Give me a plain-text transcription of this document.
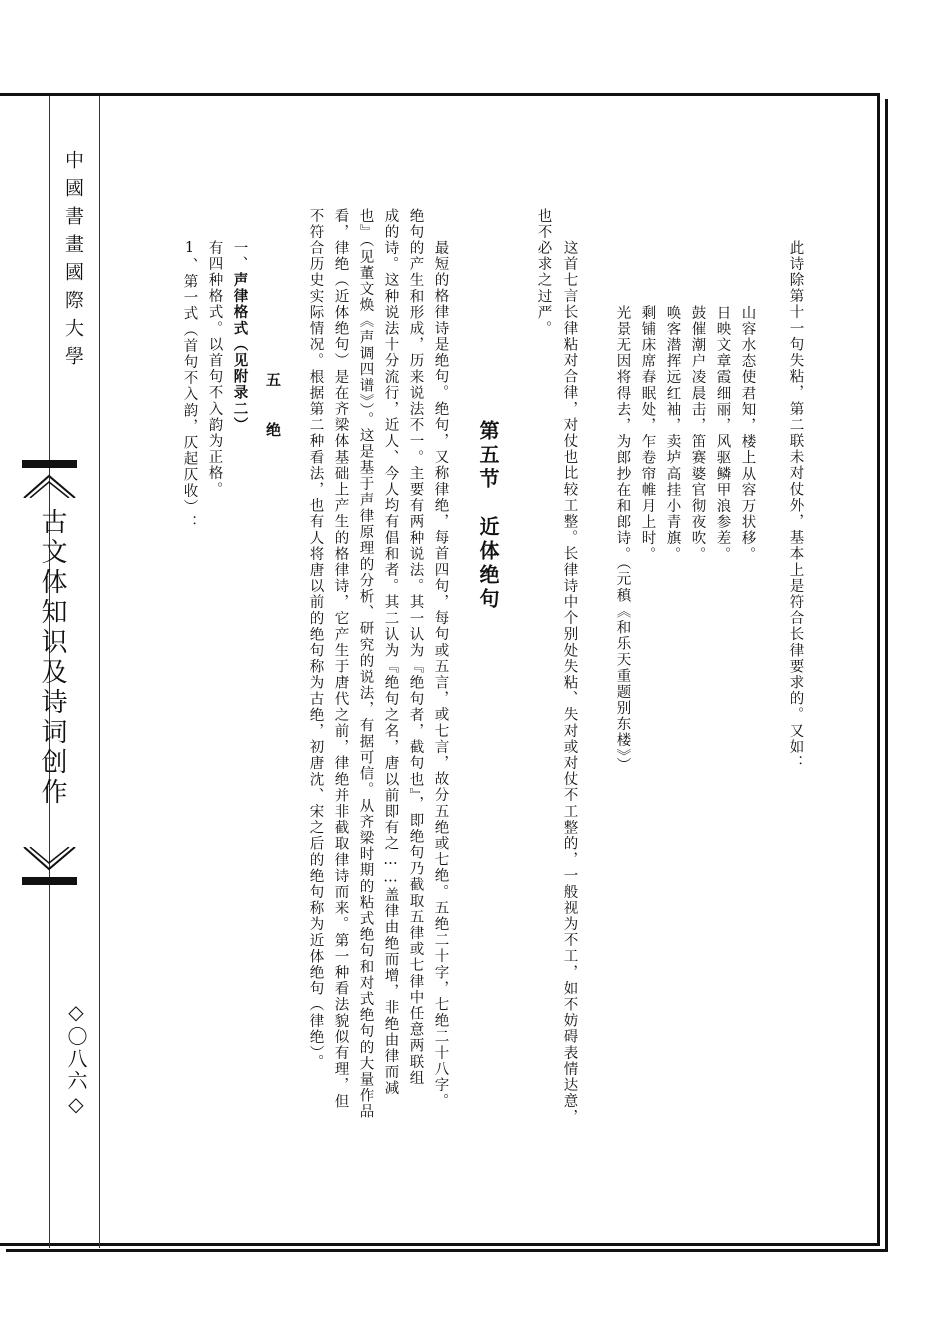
中國書畫國際大學
古文体知识及诗词创作
◇〇八六◇
此诗除第十一句失粘，第二联未对仗外，基本上是符合长律要求的。又如：
山容水态使君知，楼上从容万状移。
日映文章霞细丽，风驱鳞甲浪参差。
鼓催潮户凌晨击，笛赛婆官彻夜吹。
唤客潜挥远红袖，卖垆高挂小青旗。
剩铺床席春眠处，乍卷帘帷月上时。
光景无因将得去，为郎抄在和郎诗。（元稹《和乐天重题别东楼》）
这首七言长律粘对合律，对仗也比较工整。长律诗中个别处失粘、失对或对仗不工整的，一般视为不工，如不妨碍表情达意，
也不必求之过严。
第五节　近体绝句
最短的格律诗是绝句。绝句，又称律绝，每首四句，每句或五言，或七言，故分五绝或七绝。五绝二十字，七绝二十八字。
绝句的产生和形成，历来说法不一。主要有两种说法。其一认为『绝句者，截句也』，即绝句乃截取五律或七律中任意两联组
成的诗。这种说法十分流行，近人、今人均有倡和者。其二认为『绝句之名，唐以前即有之……盖律由绝而增，非绝由律而减
也』（见董文焕《声调四谱》）。这是基于声律原理的分析、研究的说法，有据可信。从齐梁时期的粘式绝句和对式绝句的大量作品
看，律绝（近体绝句）是在齐梁体基础上产生的格律诗，它产生于唐代之前，律绝并非截取律诗而来。第一种看法貌似有理，但
不符合历史实际情况。根据第二种看法，也有人将唐以前的绝句称为古绝，初唐沈、宋之后的绝句称为近体绝句（律绝）。
五　　绝
一、声律格式（见附录二）
有四种格式。以首句不入韵为正格。
1、第一式（首句不入韵，仄起仄收）：
